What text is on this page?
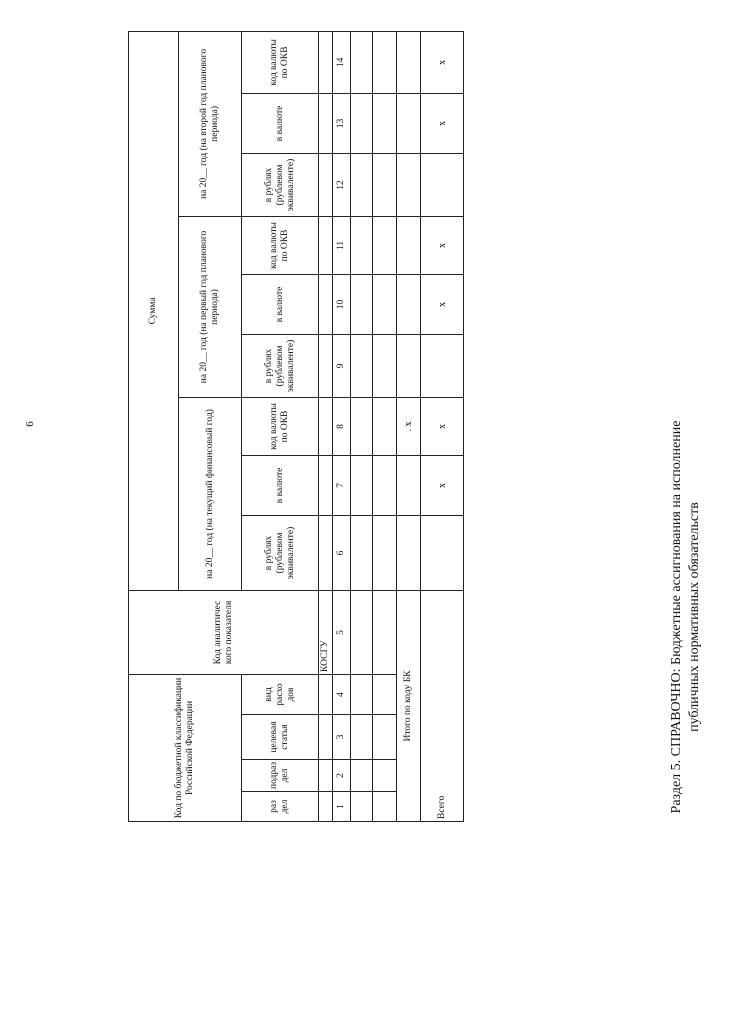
6	Раздел 5. СПРАВОЧНО: Бюджетные ассигнования на исполнение публичных нормативных обязательств
Код по бюджетной классификации Российской Федерации				Код аналитичес кого показателя	Сумма								
					на 20__ год (на текущий финансовый год)			на 20__ год (на первый год планового периода)			на 20__ год (на второй год планового периода)		
раз дел	подраз дел	целевая статья	вид расхо дов		в рублях (рублевом эквиваленте)	в валюте	код валюты по ОКВ	в рублях (рублевом эквиваленте)	в валюте	код валюты по ОКВ	в рублях (рублевом эквиваленте)	в валюте	код валюты по ОКВ
				КОСГУ									
1	2	3	4	5	6	7	8	9	10	11	12	13	14

Итого по коду БК							. x						
Всего						x	x		x	x		x	x
